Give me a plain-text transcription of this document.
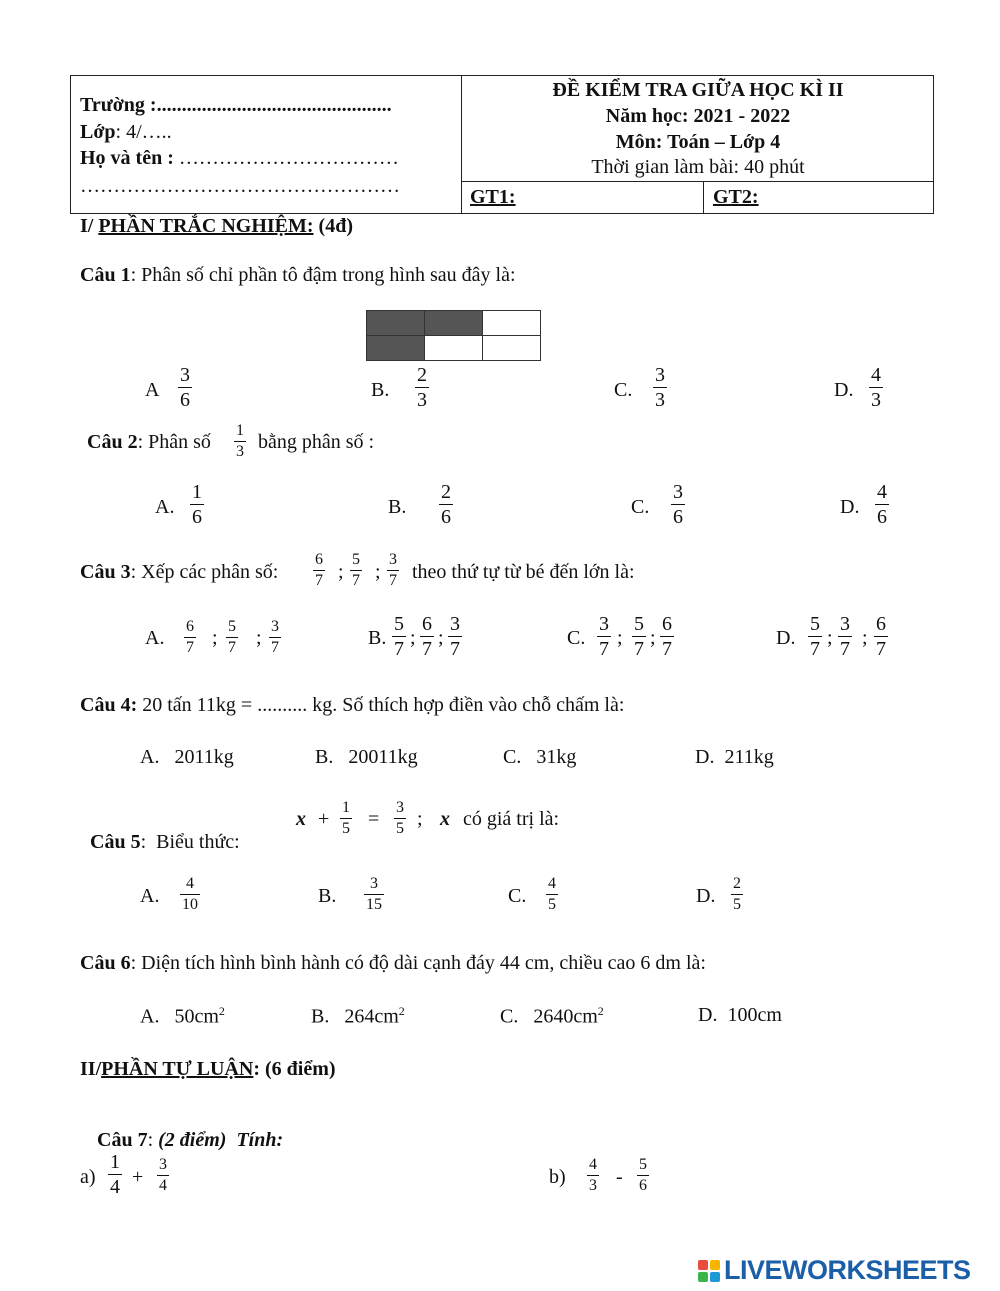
Trường :...............................................
Lớp: 4/…..
Họ và tên : ……………………………
…………………………………………
ĐỀ KIỂM TRA GIỮA HỌC KÌ II
Năm học: 2021 - 2022
Môn: Toán – Lớp 4
Thời gian làm bài: 40 phút
GT1:	GT2:
I/ PHẦN TRẮC NGHIỆM: (4đ)
Câu 1: Phân số chỉ phần tô đậm trong hình sau đây là:
A $\frac{3}{6}$	B. $\frac{2}{3}$	C. $\frac{3}{3}$	D. $\frac{4}{3}$
Câu 2: Phân số $\frac{1}{3}$ bằng phân số :
A. $\frac{1}{6}$	B. $\frac{2}{6}$	C. $\frac{3}{6}$	D. $\frac{4}{6}$
Câu 3: Xếp các phân số: $\frac{6}{7}$ ; $\frac{5}{7}$ ; $\frac{3}{7}$ theo thứ tự từ bé đến lớn là:
A. $\frac{6}{7}$ ; $\frac{5}{7}$ ; $\frac{3}{7}$	B. $\frac{5}{7}$ ; $\frac{6}{7}$ ; $\frac{3}{7}$	C. $\frac{3}{7}$ ; $\frac{5}{7}$ ; $\frac{6}{7}$	D. $\frac{5}{7}$ ; $\frac{3}{7}$ ; $\frac{6}{7}$
Câu 4: 20 tấn 11kg = .......... kg. Số thích hợp điền vào chỗ chấm là:
A.   2011kg	B.   20011kg	C.   31kg	D.  211kg

Câu 5:  Biểu thức:

$x + \frac{1}{5} = \frac{3}{5}$ ; x có giá trị là:
A. $\frac{4}{10}$	B. $\frac{3}{15}$	C. $\frac{4}{5}$	D. $\frac{2}{5}$
Câu 6: Diện tích hình bình hành có độ dài cạnh đáy 44 cm, chiều cao 6 dm là:
A.   $50cm^2$	B.   $264cm^2$	C.   $2640cm^2$	D.  100cm
II/PHẦN TỰ LUẬN: (6 điểm)

Câu 7: (2 điểm)  Tính:

$a) \frac{1}{4} + \frac{3}{4}$	$b) \frac{4}{3} - \frac{5}{6}$
LIVEWORKSHEETS
